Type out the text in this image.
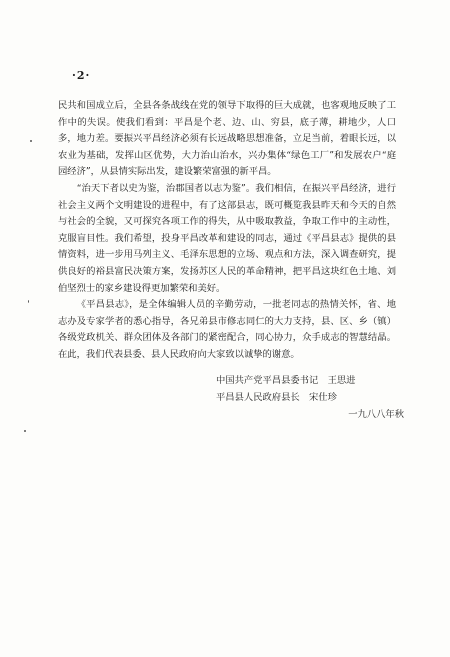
·2·

民共和国成立后，全县各条战线在党的领导下取得的巨大成就，也客观地反映了工作中的失误。使我们看到：平昌是个老、边、山、穷县，底子薄，耕地少，人口多，地力差。要振兴平昌经济必须有长远战略思想准备，立足当前，着眼长远，以农业为基础，发挥山区优势，大力治山治水，兴办集体“绿色工厂”和发展农户“庭园经济”，从县情实际出发，建设繁荣富强的新平昌。

“治天下者以史为鉴，治郡国者以志为鉴”。我们相信，在振兴平昌经济，进行社会主义两个文明建设的进程中，有了这部县志，既可概览我县昨天和今天的自然与社会的全貌，又可探究各项工作的得失，从中吸取教益，争取工作中的主动性，克服盲目性。我们希望，投身平昌改革和建设的同志，通过《平昌县志》提供的县情资料，进一步用马列主义、毛泽东思想的立场、观点和方法，深入调查研究，提供良好的裕县富民决策方案，发扬苏区人民的革命精神，把平昌这块红色土地、刘伯坚烈士的家乡建设得更加繁荣和美好。

《平昌县志》，是全体编辑人员的辛勤劳动，一批老同志的热情关怀，省、地志办及专家学者的悉心指导，各兄弟县市修志同仁的大力支持，县、区、乡（镇）各级党政机关、群众团体及各部门的紧密配合，同心协力，众手成志的智慧结晶。在此，我们代表县委、县人民政府向大家致以诚挚的谢意。

中国共产党平昌县委书记　王思进
平昌县人民政府县长　宋仕珍
一九八八年秋
